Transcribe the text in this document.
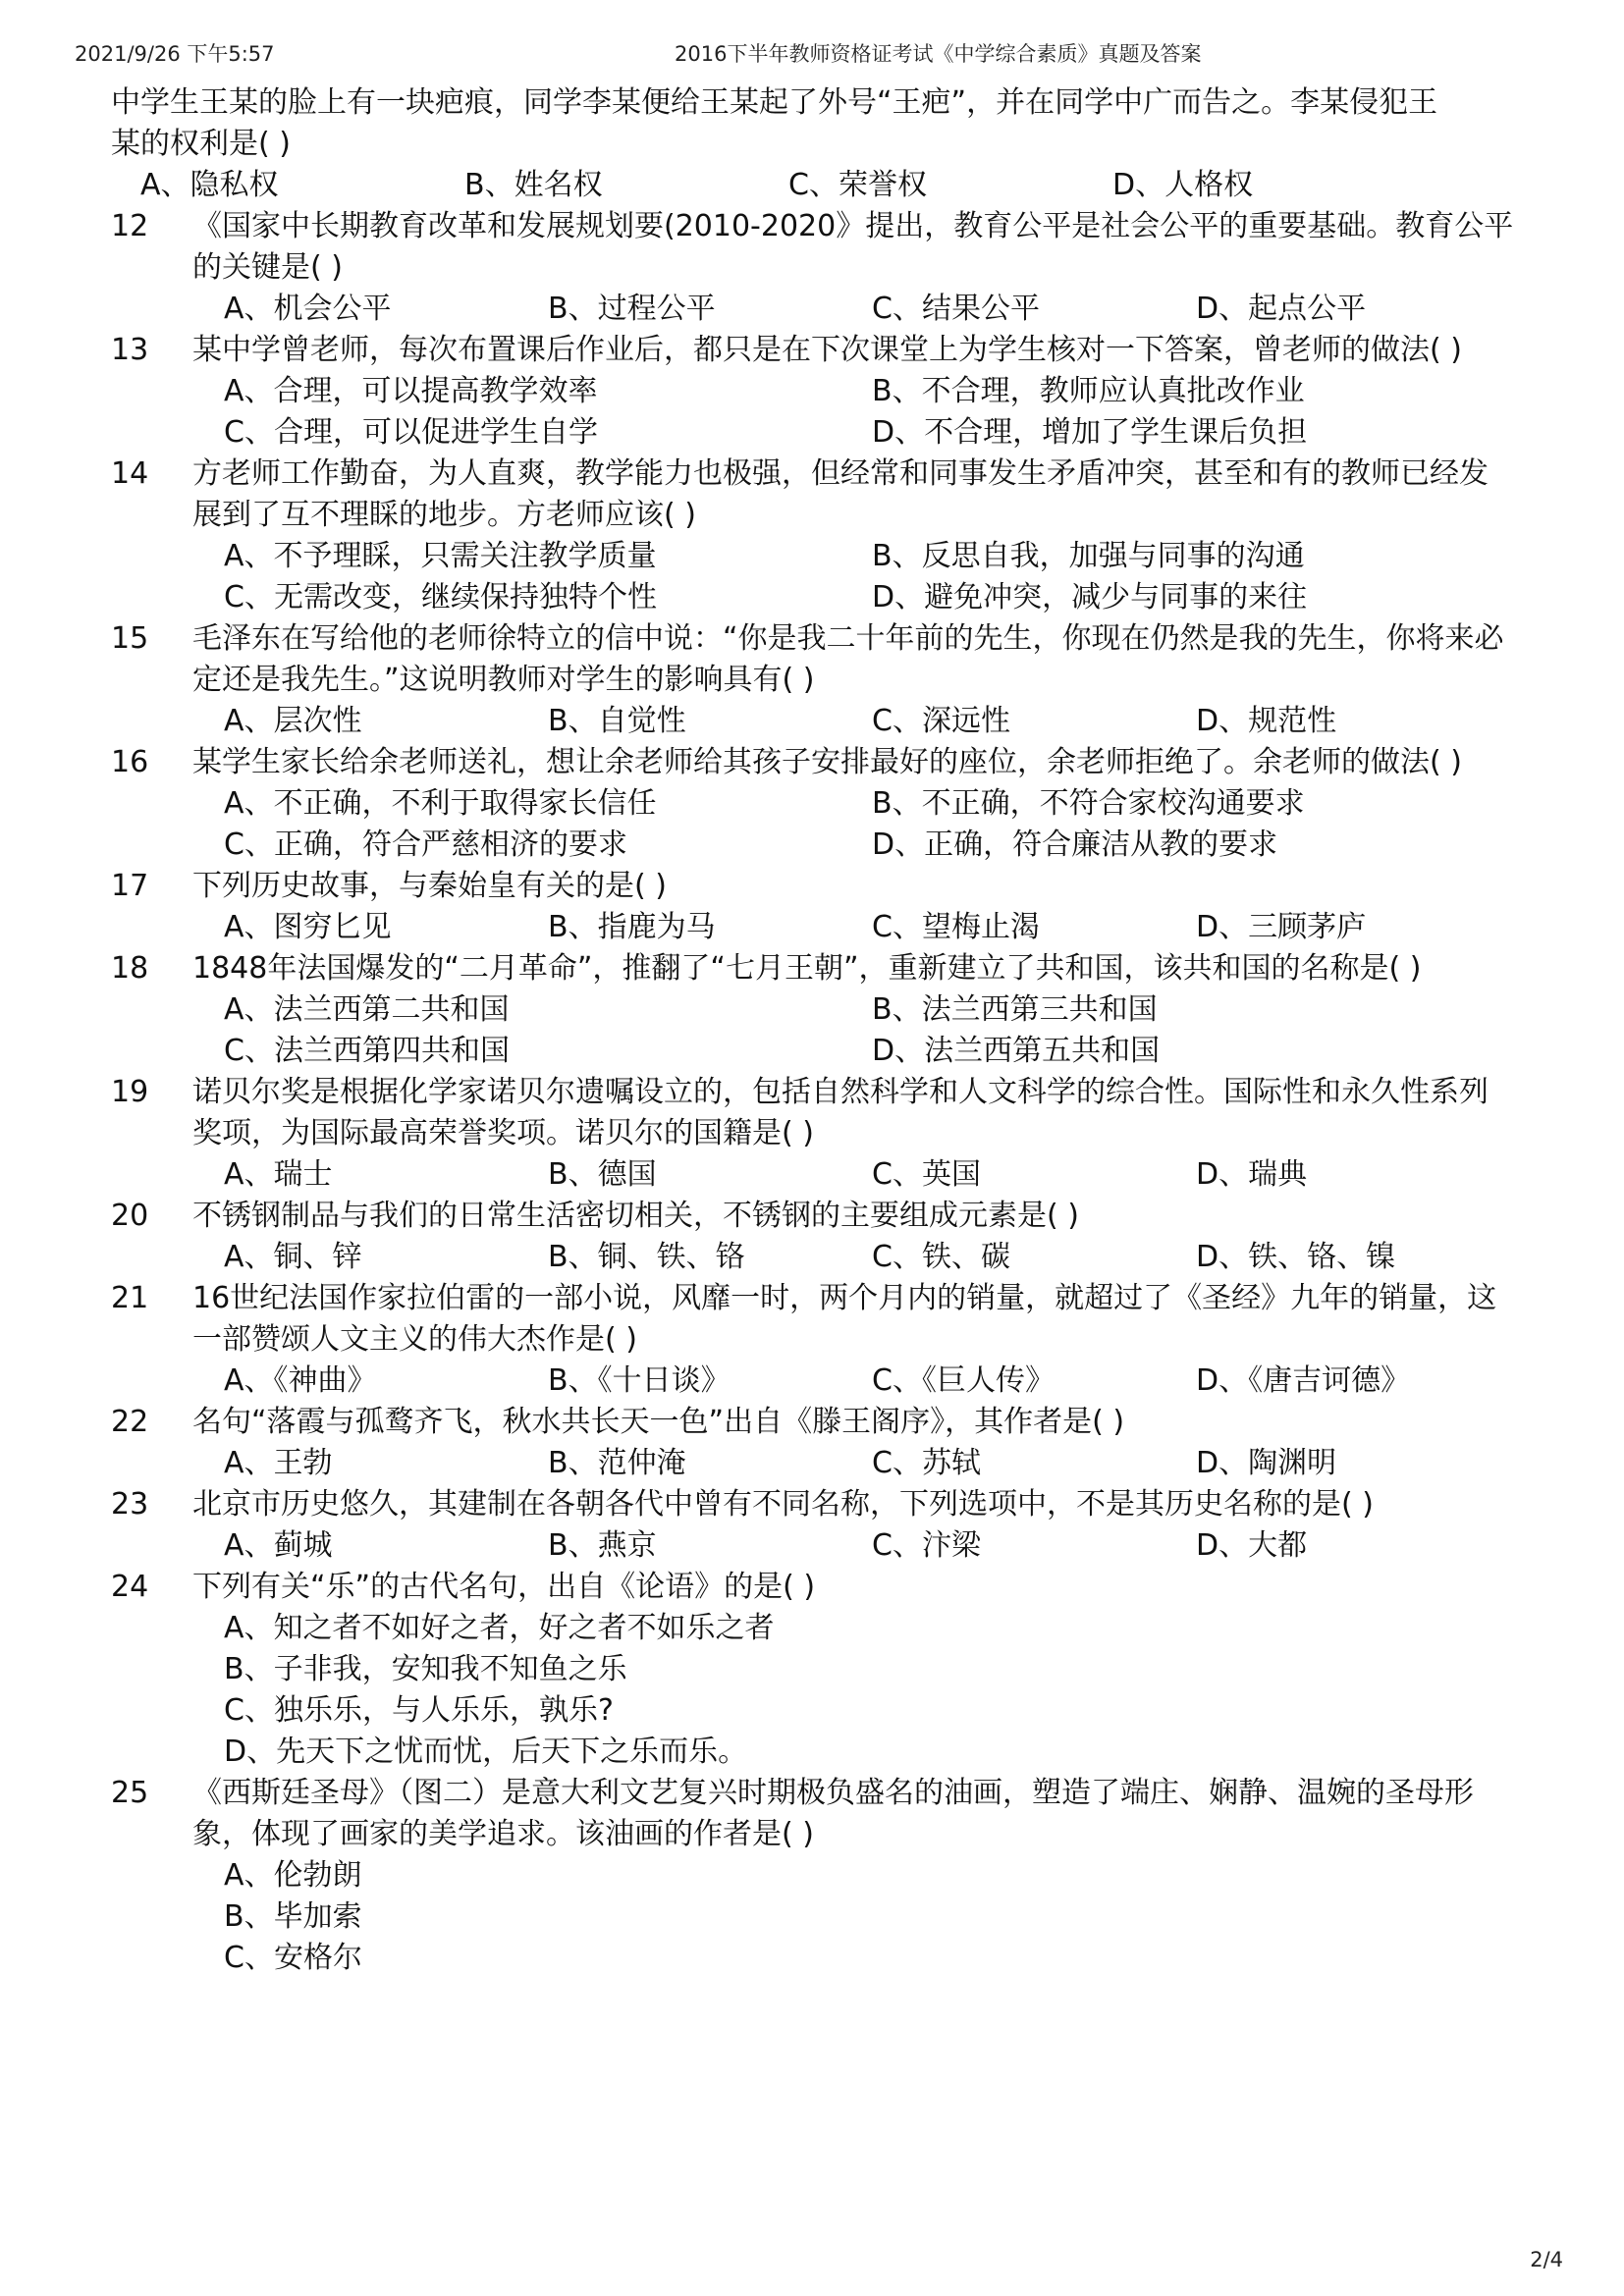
2021/9/26 下午5:57	2016下半年教师资格证考试《中学综合素质》真题及答案
中学生王某的脸上有一块疤痕，同学李某便给王某起了外号“王疤”，并在同学中广而告之。李某侵犯王
某的权利是( )
A、隐私权	B、姓名权	C、荣誉权	D、人格权
12 《国家中长期教育改革和发展规划要(2010-2020》提出，教育公平是社会公平的重要基础。教育公平
的关键是( )
A、机会公平	B、过程公平	C、结果公平	D、起点公平
13 某中学曾老师，每次布置课后作业后，都只是在下次课堂上为学生核对一下答案，曾老师的做法( )
A、合理，可以提高教学效率	B、不合理，教师应认真批改作业
C、合理，可以促进学生自学	D、不合理，增加了学生课后负担
14 方老师工作勤奋，为人直爽，教学能力也极强，但经常和同事发生矛盾冲突，甚至和有的教师已经发
展到了互不理睬的地步。方老师应该( )
A、不予理睬，只需关注教学质量	B、反思自我，加强与同事的沟通
C、无需改变，继续保持独特个性	D、避免冲突，减少与同事的来往
15 毛泽东在写给他的老师徐特立的信中说：“你是我二十年前的先生，你现在仍然是我的先生，你将来必
定还是我先生。”这说明教师对学生的影响具有( )
A、层次性	B、自觉性	C、深远性	D、规范性
16 某学生家长给余老师送礼，想让余老师给其孩子安排最好的座位，余老师拒绝了。余老师的做法( )
A、不正确，不利于取得家长信任	B、不正确，不符合家校沟通要求
C、正确，符合严慈相济的要求	D、正确，符合廉洁从教的要求
17 下列历史故事，与秦始皇有关的是( )
A、图穷匕见	B、指鹿为马	C、望梅止渴	D、三顾茅庐
18 1848年法国爆发的“二月革命”，推翻了“七月王朝”，重新建立了共和国，该共和国的名称是( )
A、法兰西第二共和国	B、法兰西第三共和国
C、法兰西第四共和国	D、法兰西第五共和国
19 诺贝尔奖是根据化学家诺贝尔遗嘱设立的，包括自然科学和人文科学的综合性。国际性和永久性系列
奖项，为国际最高荣誉奖项。诺贝尔的国籍是( )
A、瑞士	B、德国	C、英国	D、瑞典
20 不锈钢制品与我们的日常生活密切相关，不锈钢的主要组成元素是( )
A、铜、锌	B、铜、铁、铬	C、铁、碳	D、铁、铬、镍
21 16世纪法国作家拉伯雷的一部小说，风靡一时，两个月内的销量，就超过了《圣经》九年的销量，这
一部赞颂人文主义的伟大杰作是( )
A、《神曲》	B、《十日谈》	C、《巨人传》	D、《唐吉诃德》
22 名句“落霞与孤鹜齐飞，秋水共长天一色”出自《滕王阁序》，其作者是( )
A、王勃	B、范仲淹	C、苏轼	D、陶渊明
23 北京市历史悠久，其建制在各朝各代中曾有不同名称，下列选项中，不是其历史名称的是( )
A、蓟城	B、燕京	C、汴梁	D、大都
24 下列有关“乐”的古代名句，出自《论语》的是( )
A、知之者不如好之者，好之者不如乐之者
B、子非我，安知我不知鱼之乐
C、独乐乐，与人乐乐，孰乐?
D、先天下之忧而忧，后天下之乐而乐。
25 《西斯廷圣母》（图二）是意大利文艺复兴时期极负盛名的油画，塑造了端庄、娴静、温婉的圣母形
象，体现了画家的美学追求。该油画的作者是( )
A、伦勃朗
B、毕加索
C、安格尔
2/4
